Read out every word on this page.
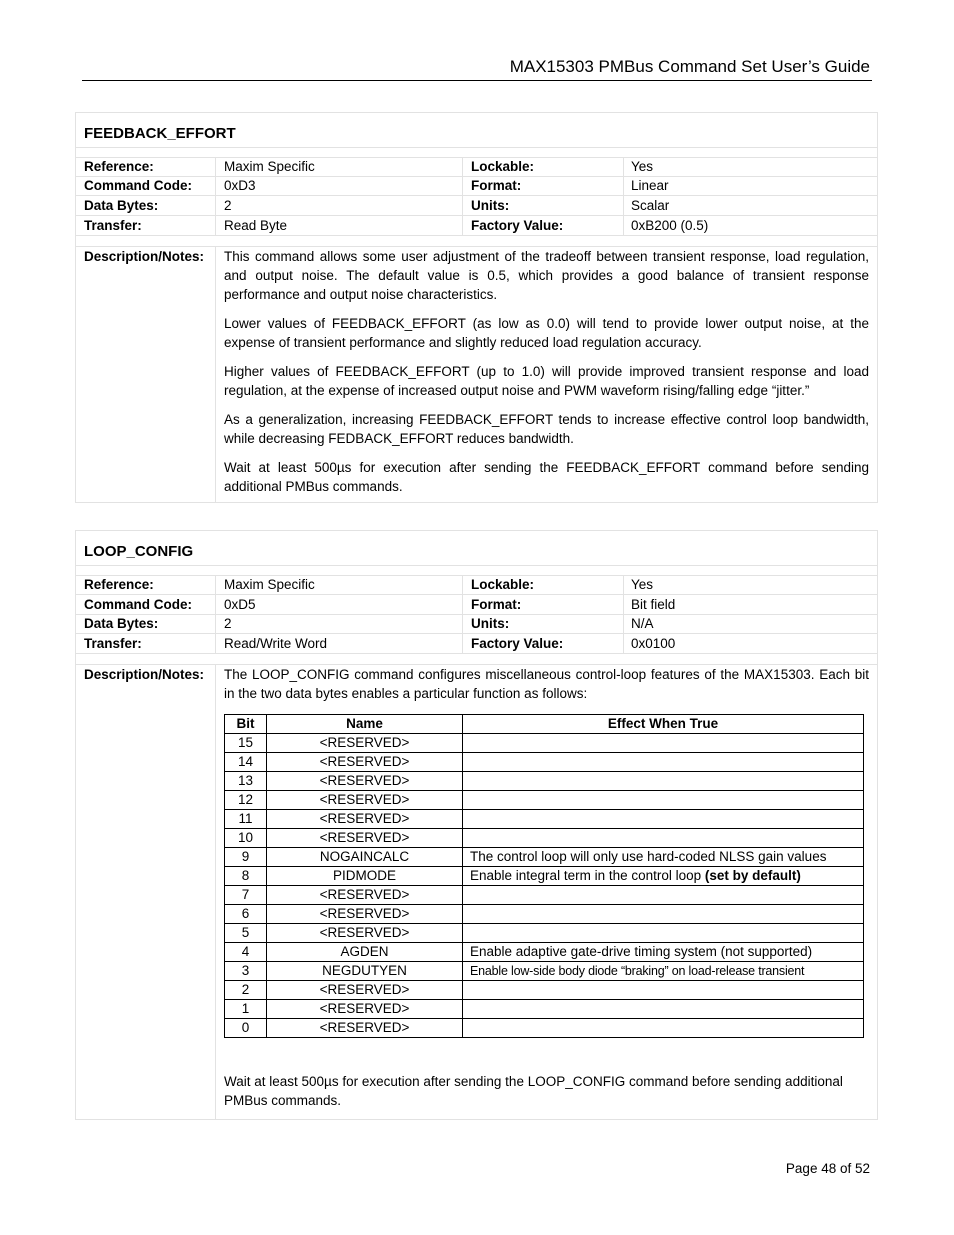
MAX15303 PMBus Command Set User’s Guide
FEEDBACK_EFFORT
Reference:	Maxim Specific	Lockable:	Yes
Command Code: 0xD3	Format:	Linear
Data Bytes:	2	Units:	Scalar
Transfer:	Read Byte	Factory Value:	0xB200 (0.5)
Description/Notes: This command allows some user adjustment of the tradeoff between transient response, load regulation, and output noise. The default value is 0.5, which provides a good balance of transient response performance and output noise characteristics.

Lower values of FEEDBACK_EFFORT (as low as 0.0) will tend to provide lower output noise, at the expense of transient performance and slightly reduced load regulation accuracy.

Higher values of FEEDBACK_EFFORT (up to 1.0) will provide improved transient response and load regulation, at the expense of increased output noise and PWM waveform rising/falling edge “jitter.”

As a generalization, increasing FEEDBACK_EFFORT tends to increase effective control loop bandwidth, while decreasing FEDBACK_EFFORT reduces bandwidth.

Wait at least 500µs for execution after sending the FEEDBACK_EFFORT command before sending additional PMBus commands.

LOOP_CONFIG
Reference:	Maxim Specific	Lockable:	Yes
Command Code: 0xD5	Format:	Bit field
Data Bytes:	2	Units:	N/A
Transfer:	Read/Write Word	Factory Value:	0x0100
Description/Notes: The LOOP_CONFIG command configures miscellaneous control-loop features of the MAX15303. Each bit in the two data bytes enables a particular function as follows:
Bit	Name	Effect When True
15	<RESERVED>	
14	<RESERVED>	
13	<RESERVED>	
12	<RESERVED>	
11	<RESERVED>	
10	<RESERVED>	
9	NOGAINCALC	The control loop will only use hard-coded NLSS gain values
8	PIDMODE	Enable integral term in the control loop (set by default)
7	<RESERVED>	
6	<RESERVED>	
5	<RESERVED>	
4	AGDEN	Enable adaptive gate-drive timing system (not supported)
3	NEGDUTYEN	Enable low-side body diode “braking” on load-release transient
2	<RESERVED>	
1	<RESERVED>	
0	<RESERVED>	
Wait at least 500µs for execution after sending the LOOP_CONFIG command before sending additional PMBus commands.
Page 48 of 52
